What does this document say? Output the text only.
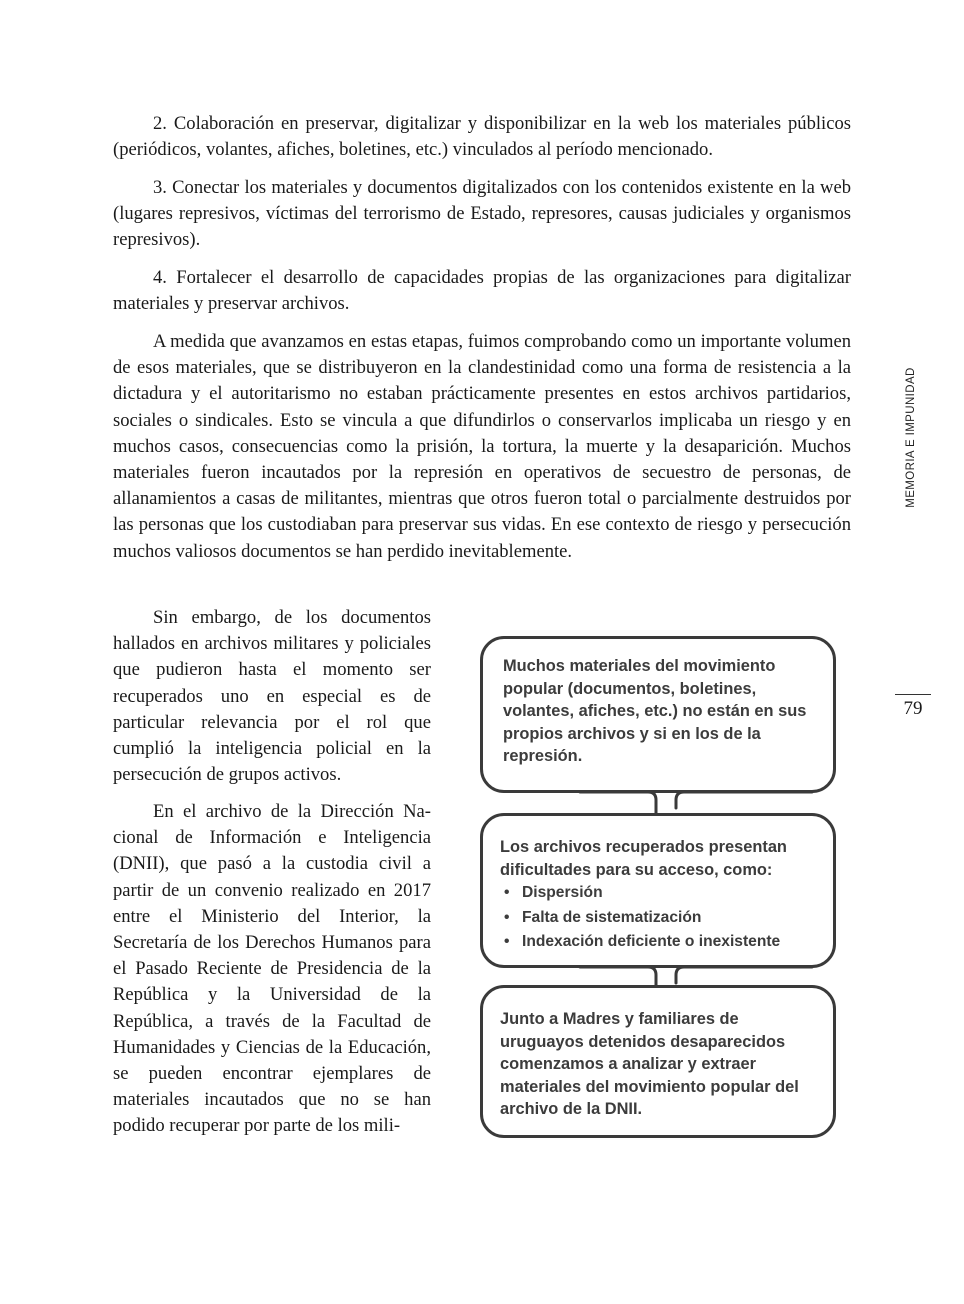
2. Colaboración en preservar, digitalizar y disponibilizar en la web los materiales públicos (periódicos, volantes, afiches, boletines, etc.) vinculados al período mencionado.

3. Conectar los materiales y documentos digitalizados con los contenidos existente en la web (lugares represivos, víctimas del terrorismo de Estado, represores, causas judiciales y organismos represivos).

4. Fortalecer el desarrollo de capacidades propias de las organizaciones para digitalizar materiales y preservar archivos.

A medida que avanzamos en estas etapas, fuimos comprobando como un importante volumen de esos materiales, que se distribuyeron en la clandestinidad como una forma de resistencia a la dictadura y el autoritarismo no estaban prácticamente presentes en estos archivos partidarios, sociales o sindicales. Esto se vincula a que difundirlos o conservarlos implicaba un riesgo y en muchos casos, consecuencias como la prisión, la tortura, la muerte y la desaparición. Muchos materiales fueron incautados por la represión en operativos de secuestro de personas, de allanamientos a casas de militantes, mientras que otros fueron total o parcialmente destruidos por las personas que los custodiaban para preservar sus vidas. En ese contexto de riesgo y persecución muchos valiosos documentos se han perdido inevitablemente.

Sin embargo, de los documentos hallados en archivos militares y policiales que pudieron hasta el momento ser recuperados uno en especial es de particular relevancia por el rol que cumplió la inteligencia policial en la persecución de grupos activos.

En el archivo de la Dirección Nacional de Información e Inteligencia (DNII), que pasó a la custodia civil a partir de un convenio realizado en 2017 entre el Ministerio del Interior, la Secretaría de los Derechos Humanos para el Pasado Reciente de Presidencia de la República y la Universidad de la República, a través de la Facultad de Humanidades y Ciencias de la Educación, se pueden encontrar ejemplares de materiales incautados que no se han podido recuperar por parte de los mili-

MEMORIA E IMPUNIDAD
79
Muchos materiales del movimiento popular (documentos, boletines, volantes, afiches, etc.) no están en sus propios archivos y si en los de la represión.
Los archivos recuperados presentan dificultades para su acceso, como:
• Dispersión
• Falta de sistematización
• Indexación deficiente o inexistente
Junto a Madres y familiares de uruguayos detenidos desaparecidos comenzamos a analizar y extraer materiales del movimiento popular del archivo de la DNII.
